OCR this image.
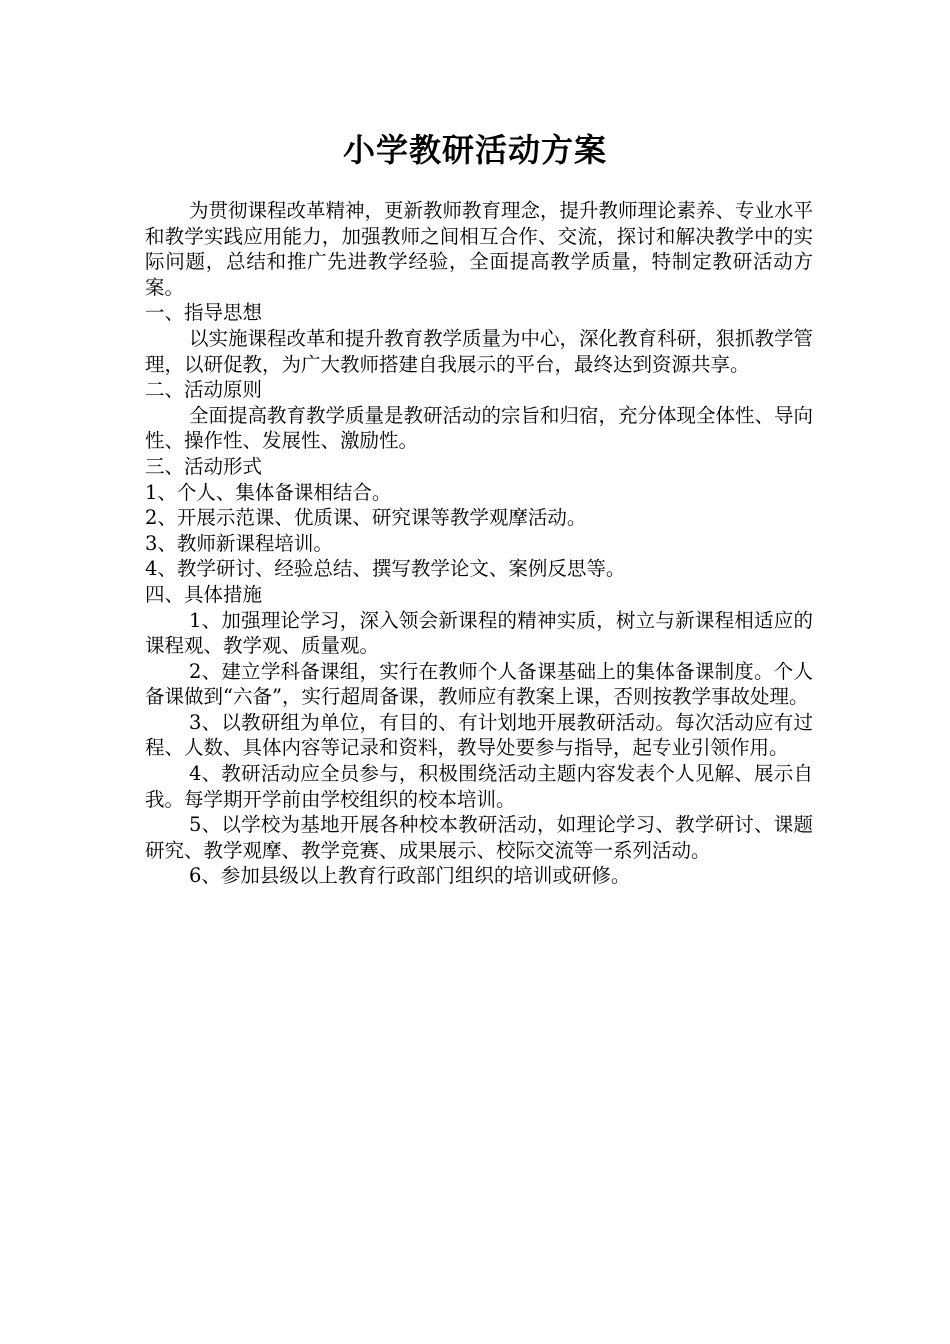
小学教研活动方案

为贯彻课程改革精神，更新教师教育理念，提升教师理论素养、专业水平和教学实践应用能力，加强教师之间相互合作、交流，探讨和解决教学中的实际问题，总结和推广先进教学经验，全面提高教学质量，特制定教研活动方案。

一、指导思想

以实施课程改革和提升教育教学质量为中心，深化教育科研，狠抓教学管理，以研促教，为广大教师搭建自我展示的平台，最终达到资源共享。

二、活动原则

全面提高教育教学质量是教研活动的宗旨和归宿，充分体现全体性、导向性、操作性、发展性、激励性。

三、活动形式

1、个人、集体备课相结合。

2、开展示范课、优质课、研究课等教学观摩活动。

3、教师新课程培训。

4、教学研讨、经验总结、撰写教学论文、案例反思等。

四、具体措施

1、加强理论学习，深入领会新课程的精神实质，树立与新课程相适应的课程观、教学观、质量观。

2、建立学科备课组，实行在教师个人备课基础上的集体备课制度。个人备课做到“六备”，实行超周备课，教师应有教案上课，否则按教学事故处理。

3、以教研组为单位，有目的、有计划地开展教研活动。每次活动应有过程、人数、具体内容等记录和资料，教导处要参与指导，起专业引领作用。

4、教研活动应全员参与，积极围绕活动主题内容发表个人见解、展示自我。每学期开学前由学校组织的校本培训。

5、以学校为基地开展各种校本教研活动，如理论学习、教学研讨、课题研究、教学观摩、教学竞赛、成果展示、校际交流等一系列活动。

6、参加县级以上教育行政部门组织的培训或研修。
